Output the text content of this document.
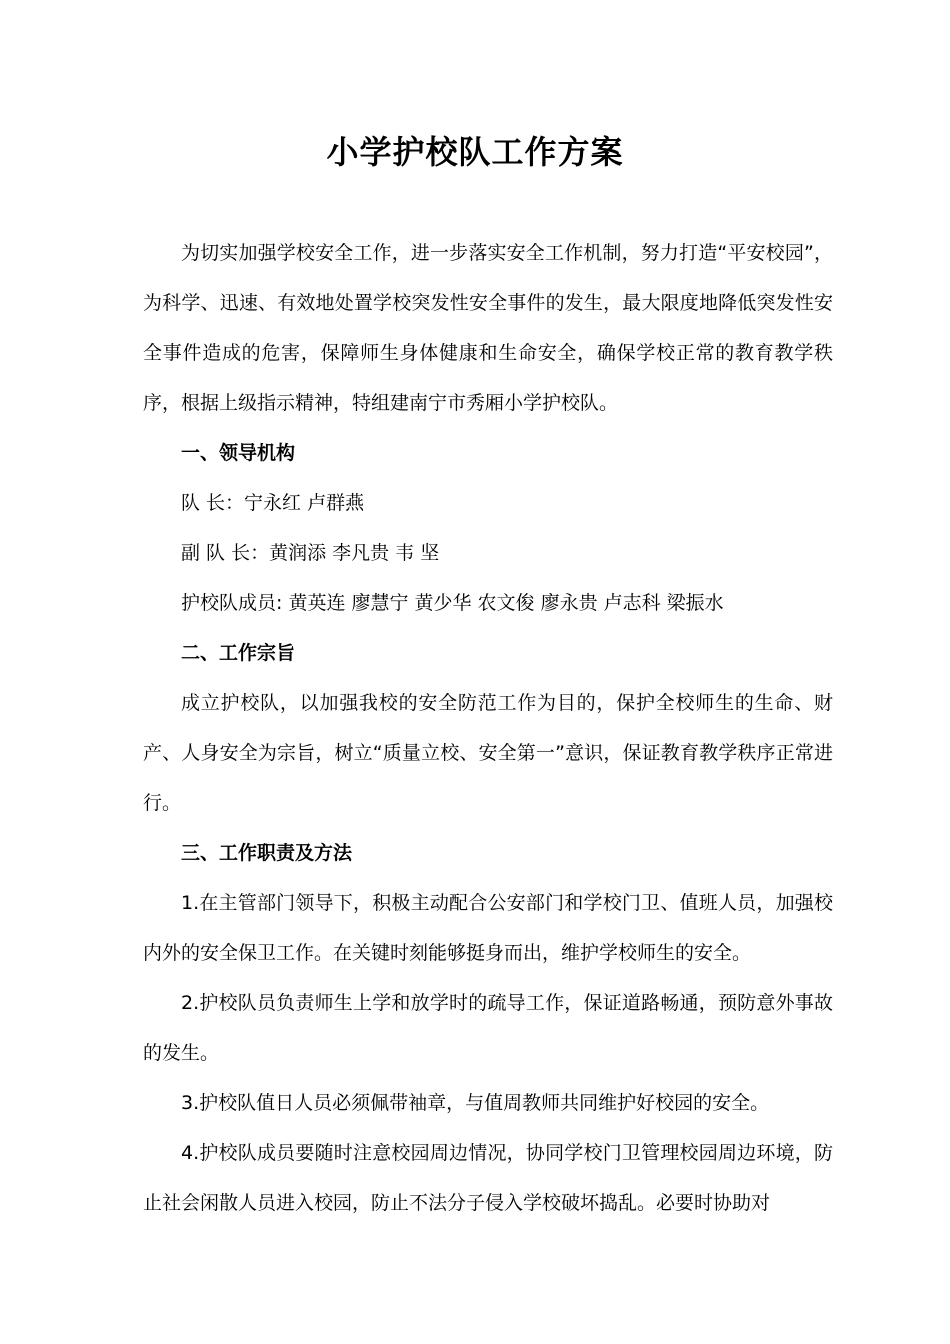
小学护校队工作方案

为切实加强学校安全工作，进一步落实安全工作机制，努力打造“平安校园”，为科学、迅速、有效地处置学校突发性安全事件的发生，最大限度地降低突发性安全事件造成的危害，保障师生身体健康和生命安全，确保学校正常的教育教学秩序，根据上级指示精神，特组建南宁市秀厢小学护校队。

一、领导机构

队 长：宁永红 卢群燕

副 队 长：黄润添 李凡贵 韦 坚

护校队成员: 黄英连 廖慧宁 黄少华 农文俊 廖永贵 卢志科 梁振水

二、工作宗旨

成立护校队，以加强我校的安全防范工作为目的，保护全校师生的生命、财产、人身安全为宗旨，树立“质量立校、安全第一”意识，保证教育教学秩序正常进行。

三、工作职责及方法

1.在主管部门领导下，积极主动配合公安部门和学校门卫、值班人员，加强校内外的安全保卫工作。在关键时刻能够挺身而出，维护学校师生的安全。

2.护校队员负责师生上学和放学时的疏导工作，保证道路畅通，预防意外事故的发生。

3.护校队值日人员必须佩带袖章，与值周教师共同维护好校园的安全。

4.护校队成员要随时注意校园周边情况，协同学校门卫管理校园周边环境，防止社会闲散人员进入校园，防止不法分子侵入学校破坏捣乱。必要时协助对
